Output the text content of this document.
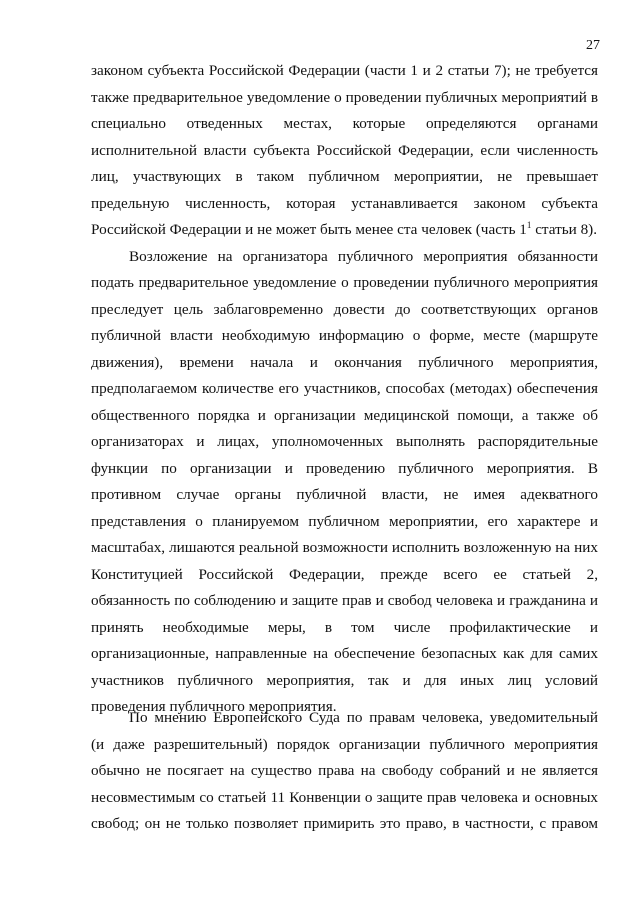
27
законом субъекта Российской Федерации (части 1 и 2 статьи 7); не требуется
также предварительное уведомление о проведении публичных мероприятий в
специально отведенных местах, которые определяются органами
исполнительной власти субъекта Российской Федерации, если численность
лиц, участвующих в таком публичном мероприятии, не превышает
предельную численность, которая устанавливается законом субъекта
Российской Федерации и не может быть менее ста человек (часть $1^1$ статьи 8).
Возложение на организатора публичного мероприятия обязанности
подать предварительное уведомление о проведении публичного мероприятия
преследует цель заблаговременно довести до соответствующих органов
публичной власти необходимую информацию о форме, месте (маршруте
движения), времени начала и окончания публичного мероприятия,
предполагаемом количестве его участников, способах (методах) обеспечения
общественного порядка и организации медицинской помощи, а также об
организаторах и лицах, уполномоченных выполнять распорядительные
функции по организации и проведению публичного мероприятия. В
противном случае органы публичной власти, не имея адекватного
представления о планируемом публичном мероприятии, его характере и
масштабах, лишаются реальной возможности исполнить возложенную на них
Конституцией Российской Федерации, прежде всего ее статьей 2,
обязанность по соблюдению и защите прав и свобод человека и гражданина и
принять необходимые меры, в том числе профилактические и
организационные, направленные на обеспечение безопасных как для самих
участников публичного мероприятия, так и для иных лиц условий
проведения публичного мероприятия.
По мнению Европейского Суда по правам человека, уведомительный
(и даже разрешительный) порядок организации публичного мероприятия
обычно не посягает на существо права на свободу собраний и не является
несовместимым со статьей 11 Конвенции о защите прав человека и основных
свобод; он не только позволяет примирить это право, в частности, с правом
